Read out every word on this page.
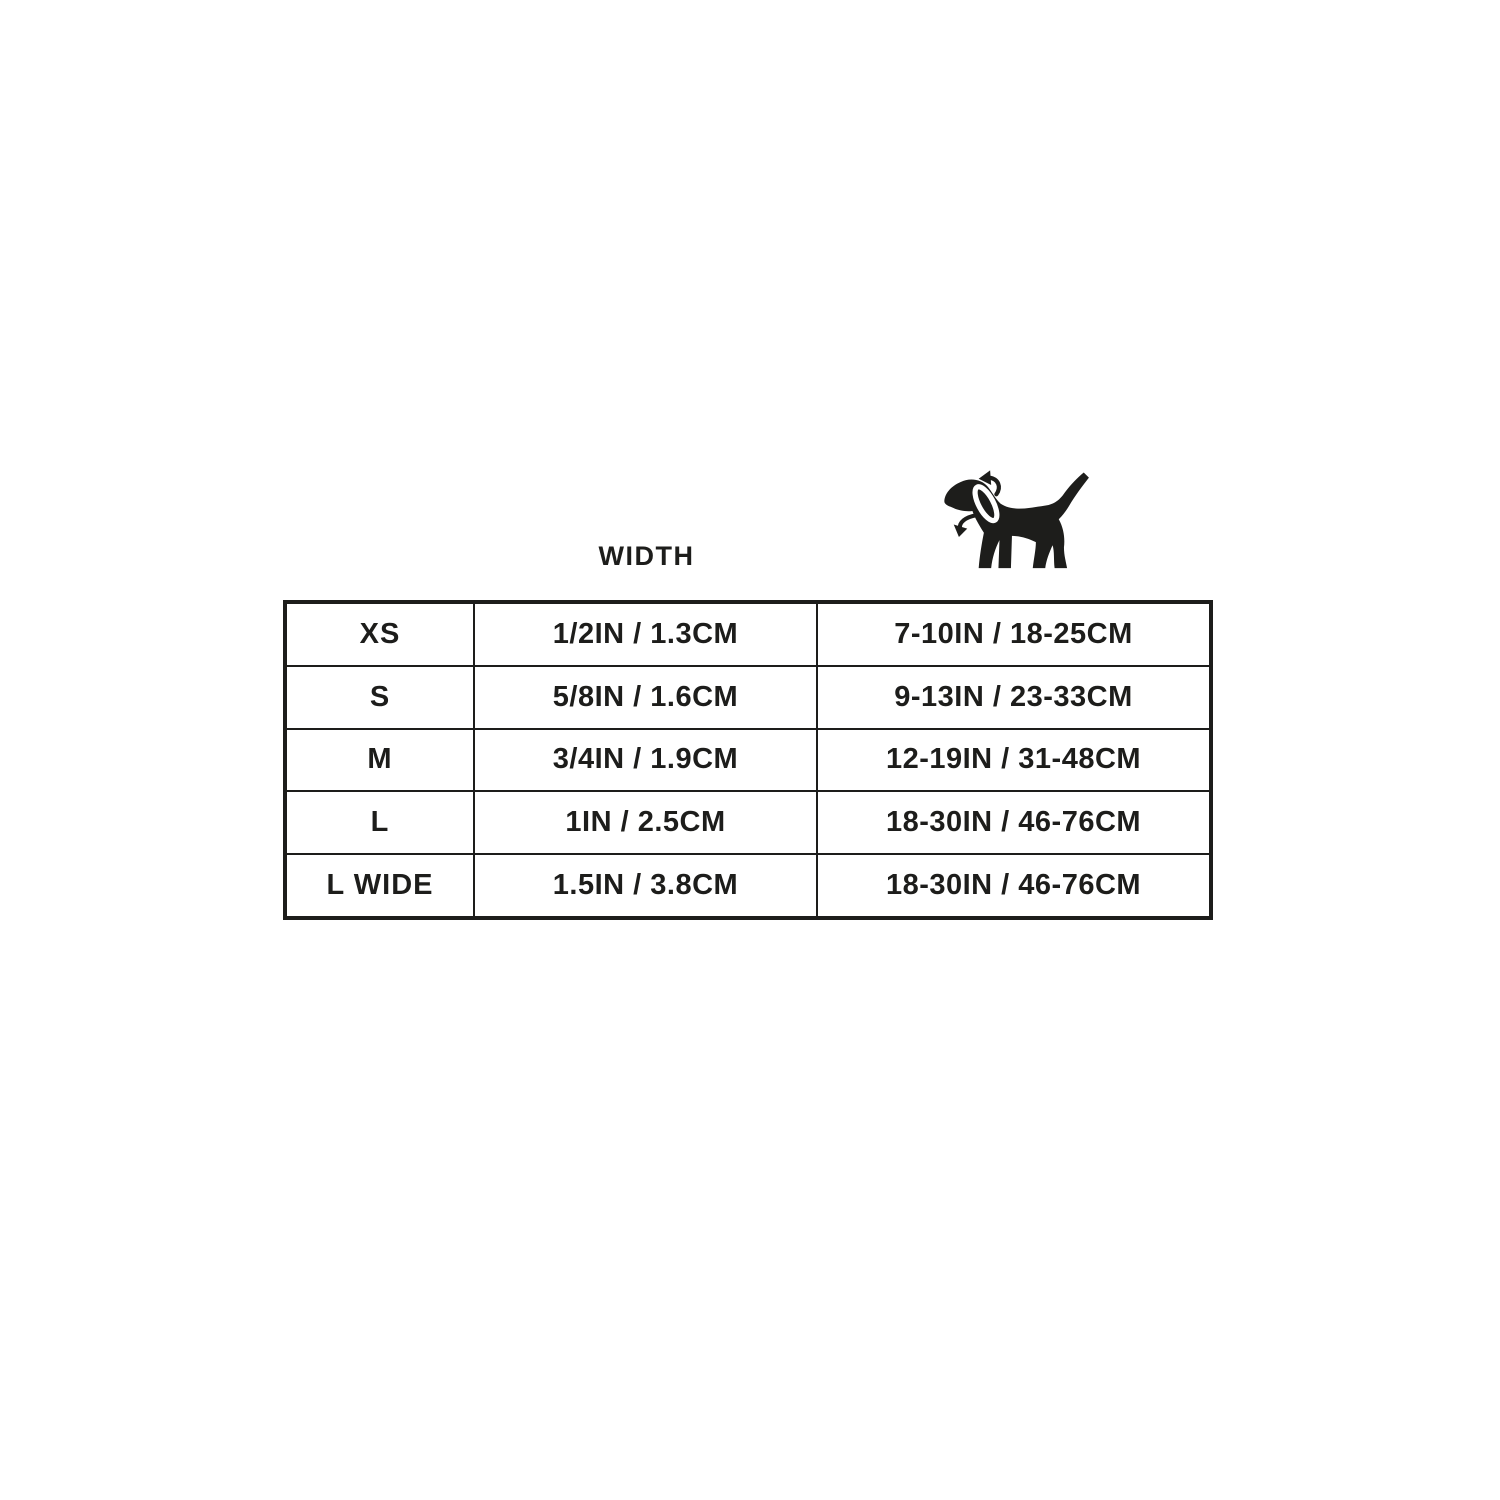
WIDTH
XS	1/2IN / 1.3CM	7-10IN / 18-25CM
S	5/8IN / 1.6CM	9-13IN / 23-33CM
M	3/4IN / 1.9CM	12-19IN / 31-48CM
L	1IN / 2.5CM	18-30IN / 46-76CM
L WIDE	1.5IN / 3.8CM	18-30IN / 46-76CM
